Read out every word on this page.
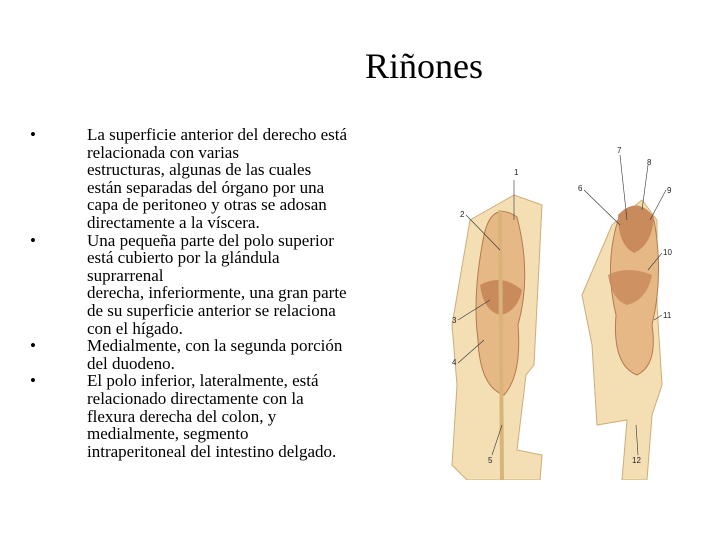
Riñones
•	La superficie anterior del derecho está
relacionada con varias
estructuras, algunas de las cuales
están separadas del órgano por una
capa de peritoneo y otras se adosan
directamente a la víscera.

•	Una pequeña parte del polo superior
está cubierto por la glándula
suprarrenal
derecha, inferiormente, una gran parte
de su superficie anterior se relaciona
con el hígado.

•	Medialmente, con la segunda porción
del duodeno.

•	El polo inferior, lateralmente, está
relacionado directamente con la
flexura derecha del colon, y
medialmente, segmento
intraperitoneal del intestino delgado.

1
2
3
4
5
6
7
8
9
10
11
12
